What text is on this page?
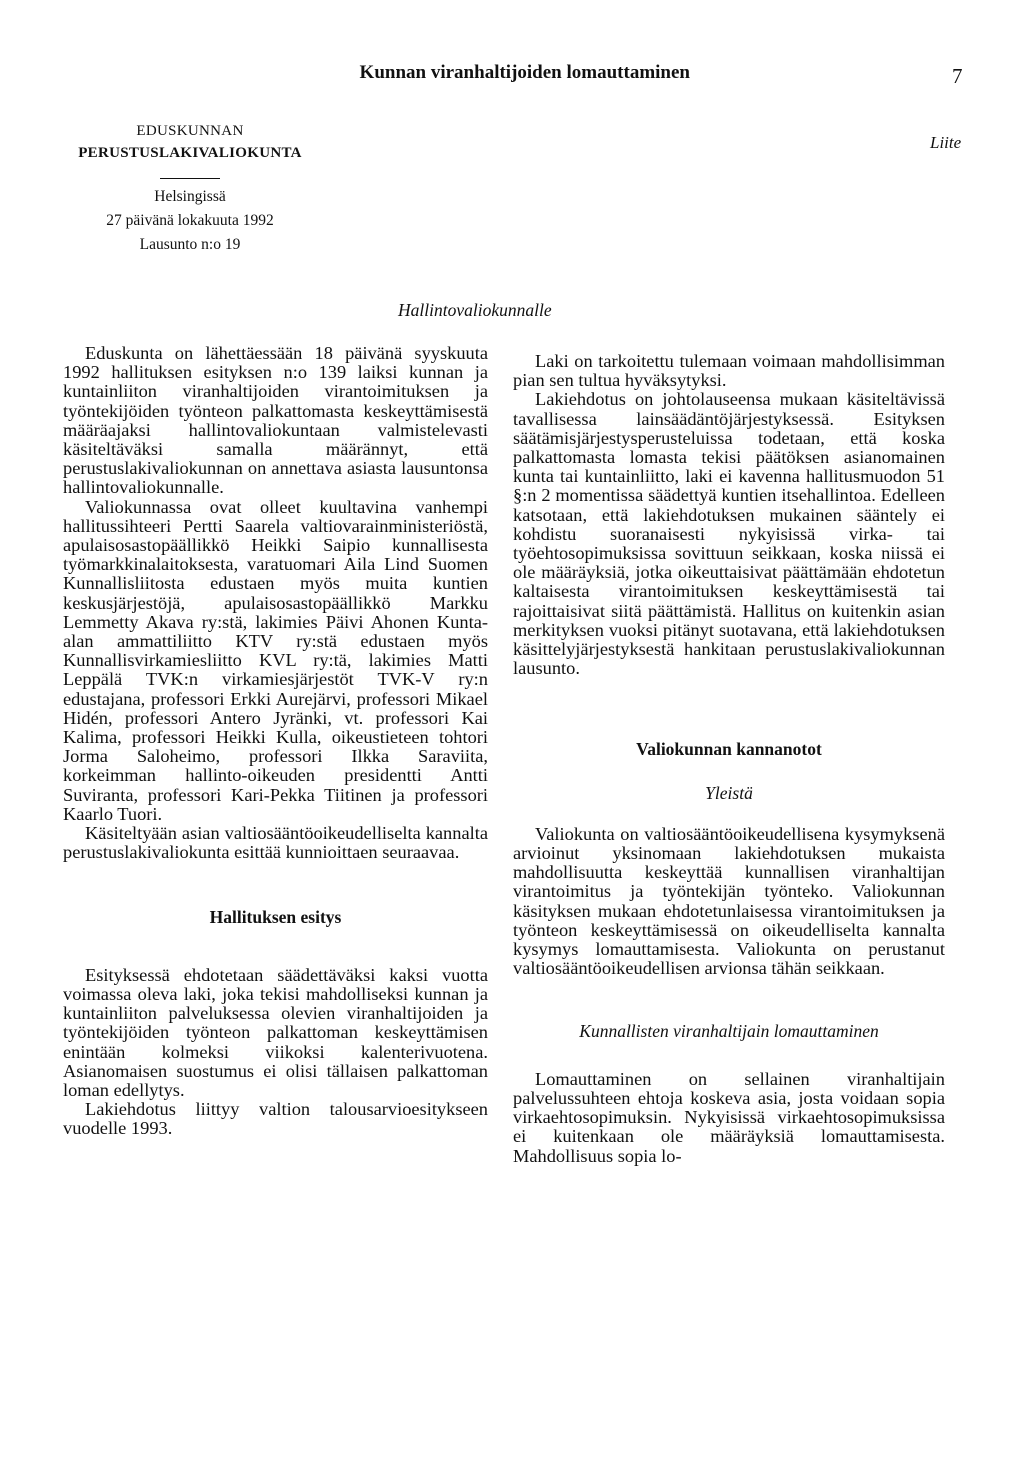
Kunnan viranhaltijoiden lomauttaminen	7
EDUSKUNNAN
PERUSTUSLAKIVALIOKUNTA
Helsingissä
27 päivänä lokakuuta 1992
Lausunto n:o 19
Liite
Hallintovaliokunnalle

Eduskunta on lähettäessään 18 päivänä syyskuuta 1992 hallituksen esityksen n:o 139 laiksi kunnan ja kuntainliiton viranhaltijoiden virantoimituksen ja työntekijöiden työnteon palkattomasta keskeyttämisestä määräajaksi hallintovaliokuntaan valmistelevasti käsiteltäväksi samalla määrännyt, että perustuslakivaliokunnan on annettava asiasta lausuntonsa hallintovaliokunnalle.

Valiokunnassa ovat olleet kuultavina vanhempi hallitussihteeri Pertti Saarela valtiovarainministeriöstä, apulaisosastopäällikkö Heikki Saipio kunnallisesta työmarkkinalaitoksesta, varatuomari Aila Lind Suomen Kunnallisliitosta edustaen myös muita kuntien keskusjärjestöjä, apulaisosastopäällikkö Markku Lemmetty Akava ry:stä, lakimies Päivi Ahonen Kunta-alan ammattiliitto KTV ry:stä edustaen myös Kunnallisvirkamiesliitto KVL ry:tä, lakimies Matti Leppälä TVK:n virkamiesjärjestöt TVK-V ry:n edustajana, professori Erkki Aurejärvi, professori Mikael Hidén, professori Antero Jyränki, vt. professori Kai Kalima, professori Heikki Kulla, oikeustieteen tohtori Jorma Saloheimo, professori Ilkka Saraviita, korkeimman hallinto-oikeuden presidentti Antti Suviranta, professori Kari-Pekka Tiitinen ja professori Kaarlo Tuori.

Käsiteltyään asian valtiosääntöoikeudelliselta kannalta perustuslakivaliokunta esittää kunnioittaen seuraavaa.

Hallituksen esitys

Esityksessä ehdotetaan säädettäväksi kaksi vuotta voimassa oleva laki, joka tekisi mahdolliseksi kunnan ja kuntainliiton palveluksessa olevien viranhaltijoiden ja työntekijöiden työnteon palkattoman keskeyttämisen enintään kolmeksi viikoksi kalenterivuotena. Asianomaisen suostumus ei olisi tällaisen palkattoman loman edellytys.

Lakiehdotus liittyy valtion talousarvioesitykseen vuodelle 1993.

Laki on tarkoitettu tulemaan voimaan mahdollisimman pian sen tultua hyväksytyksi.

Lakiehdotus on johtolauseensa mukaan käsiteltävissä tavallisessa lainsäädäntöjärjestyksessä. Esityksen säätämisjärjestysperusteluissa todetaan, että koska palkattomasta lomasta tekisi päätöksen asianomainen kunta tai kuntainliitto, laki ei kavenna hallitusmuodon 51 §:n 2 momentissa säädettyä kuntien itsehallintoa. Edelleen katsotaan, että lakiehdotuksen mukainen sääntely ei kohdistu suoranaisesti nykyisissä virka- tai työehtosopimuksissa sovittuun seikkaan, koska niissä ei ole määräyksiä, jotka oikeuttaisivat päättämään ehdotetun kaltaisesta virantoimituksen keskeyttämisestä tai rajoittaisivat siitä päättämistä. Hallitus on kuitenkin asian merkityksen vuoksi pitänyt suotavana, että lakiehdotuksen käsittelyjärjestyksestä hankitaan perustuslakivaliokunnan lausunto.

Valiokunnan kannanotot

Yleistä

Valiokunta on valtiosääntöoikeudellisena kysymyksenä arvioinut yksinomaan lakiehdotuksen mukaista mahdollisuutta keskeyttää kunnallisen viranhaltijan virantoimitus ja työntekijän työnteko. Valiokunnan käsityksen mukaan ehdotetunlaisessa virantoimituksen ja työnteon keskeyttämisessä on oikeudelliselta kannalta kysymys lomauttamisesta. Valiokunta on perustanut valtiosääntöoikeudellisen arvionsa tähän seikkaan.

Kunnallisten viranhaltijain lomauttaminen

Lomauttaminen on sellainen viranhaltijain palvelussuhteen ehtoja koskeva asia, josta voidaan sopia virkaehtosopimuksin. Nykyisissä virkaehtosopimuksissa ei kuitenkaan ole määräyksiä lomauttamisesta. Mahdollisuus sopia lo-
